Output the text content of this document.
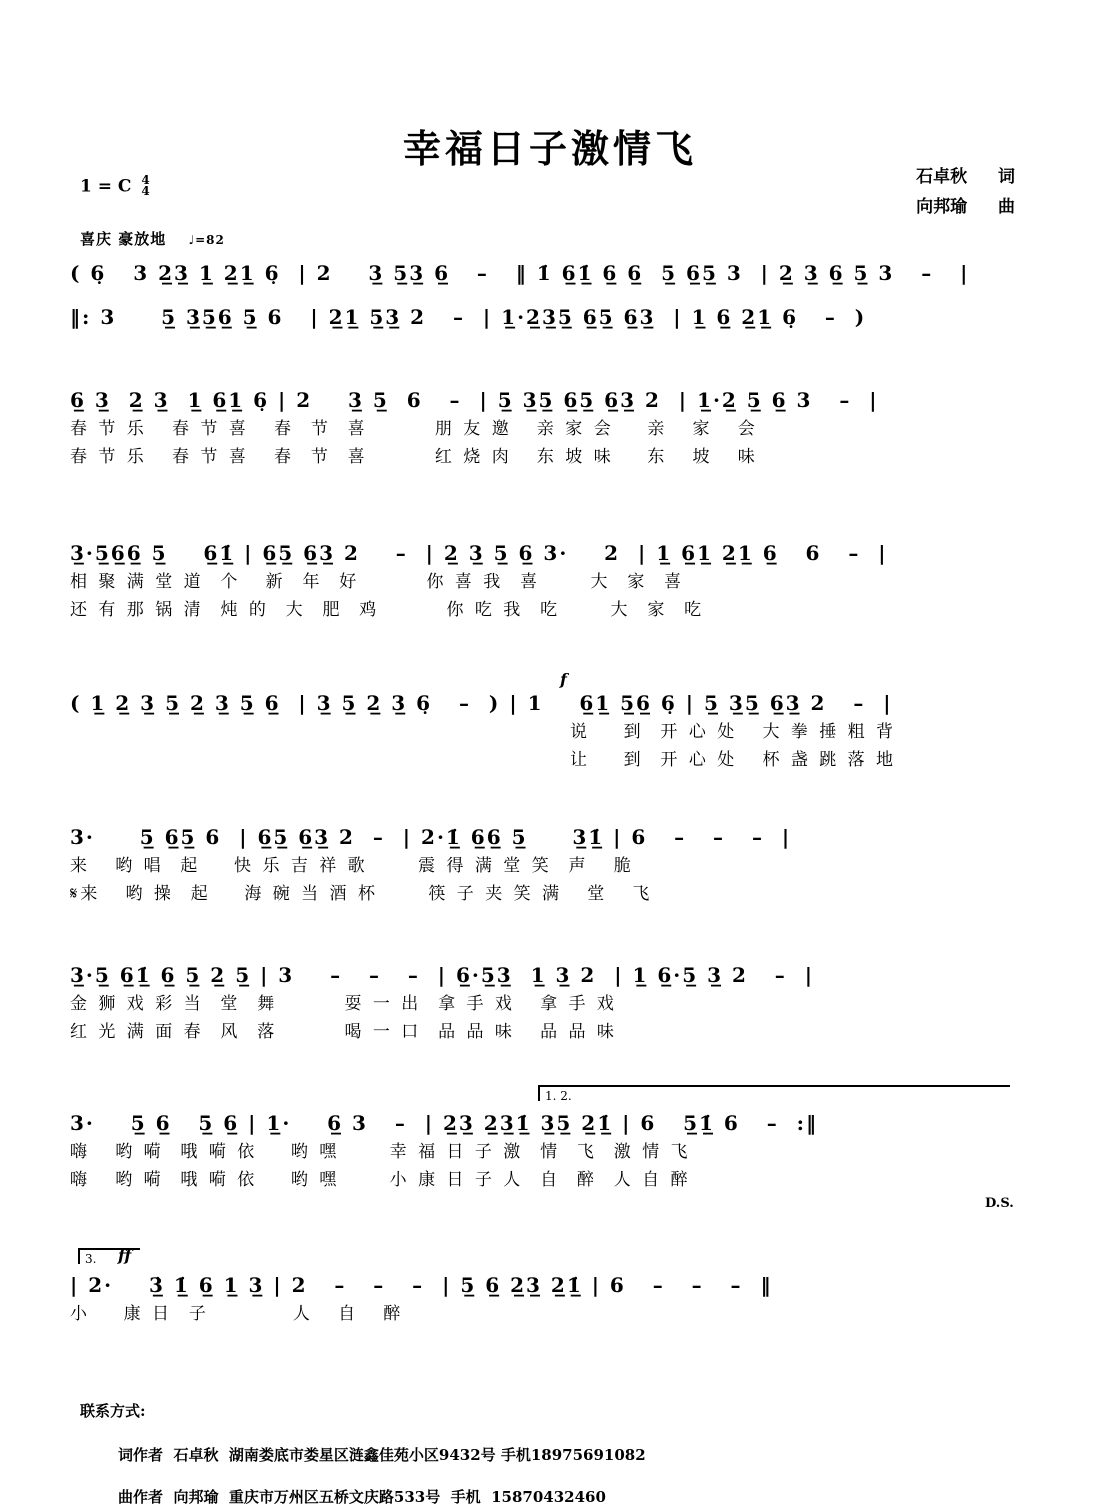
幸福日子激情飞
石卓秋 词
向邦瑜 曲
1 = C 4
4
喜庆 豪放地 ♩=82
( 6̣   3 2̲3̲ 1̲ 2̲1̲ 6̣  | 2    3̲ 5̲3̲ 6̲   –   ‖ 1̇ 6̲1̲̇ 6̲ 6̲  5̲ 6̲5̲ 3  | 2̲ 3̲ 6̲ 5̲ 3   –   |
‖: 3     5̲ 3̲5̲6̲ 5̲ 6   | 2̲1̲ 5̲3̲ 2   –  | 1̲·2̲3̲5̲ 6̲5̲ 6̲3̲  | 1̲ 6̲ 2̲1̲ 6̣   –  )
6̲ 3̲  2̲ 3̲  1̲ 6̲1̲ 6̣ | 2    3̲ 5̲  6   –  | 5̲ 3̲5̲ 6̲5̲ 6̲3̲ 2  | 1̲·2̲ 5̲ 6̲ 3   –  |
春 节 乐   春 节 喜   春  节  喜        朋 友 邀   亲 家 会    亲   家   会
春 节 乐   春 节 喜   春  节  喜        红 烧 肉   东 坡 味    东   坡   味
3̲·5̲6̲6̲ 5̲    6̲1̲̇ | 6̲5̲ 6̲3̲ 2    –  | 2̲ 3̲ 5̲ 6̲ 3·    2  | 1̲ 6̲1̲ 2̲1̲ 6̲   6   –  |
相 聚 满 堂 道  个   新  年  好        你 喜 我  喜      大  家  喜
还 有 那 锅 清  炖 的  大  肥  鸡        你 吃 我  吃      大  家  吃
f
( 1̲ 2̲ 3̲ 5̲ 2̲ 3̲ 5̲ 6̲  | 3̲ 5̲ 2̲ 3̲ 6̣   –  ) | 1    6̲1̲ 5̲6̲ 6̣ | 5̲ 3̲5̲ 6̲3̲ 2   –  |
说    到  开 心 处   大 拳 捶 粗 背
让    到  开 心 处   杯 盏 跳 落 地
3·     5̲ 6̲5̲ 6  | 6̲5̲ 6̲3̲ 2  –  | 2·1̲̇ 6̲6̲ 5̲     3̲1̲̇ | 6   –   –   –  |
来   哟 唱  起    快 乐 吉 祥 歌      震 得 满 堂 笑  声   脆
𝄋来   哟 操  起    海 碗 当 酒 杯      筷 子 夹 笑 满   堂   飞
3̲·5̲ 6̲1̲̇ 6̲ 5̲ 2̲ 5̲ | 3    –   –   –  | 6̲·5̲3̲  1̲ 3̲ 2  | 1̲ 6̲·5̲ 3̲ 2   –  |
金 狮 戏 彩 当  堂  舞        耍 一 出  拿 手 戏   拿 手 戏
红 光 满 面 春  风  落        喝 一 口  品 品 味   品 品 味
1. 2.
3·    5̲ 6̲   5̲ 6̲ | 1̲·    6̲ 3   –  | 2̲3̲ 2̲3̲1̲̇ 3̲5̲ 2̲1̲̇ | 6   5̲1̲̇ 6   –  :‖
嗨   哟 嗬  哦 嗬 依    哟 嘿      幸 福 日 子 激  情  飞  激 情 飞
嗨   哟 嗬  哦 嗬 依    哟 嘿      小 康 日 子 人  自  醉  人 自 醉
D.S.
3. ff
| 2·    3̲̇ 1̲̇ 6̲ 1̲ 3̲ | 2   –   –   –  | 5̲ 6̲ 2̲3̲ 2̲1̲̇ | 6   –   –   –  ‖
小    康 日  子          人   自   醉
联系方式:
词作者  石卓秋  湖南娄底市娄星区涟鑫佳苑小区9432号 手机18975691082
曲作者  向邦瑜  重庆市万州区五桥文庆路533号  手机  15870432460
